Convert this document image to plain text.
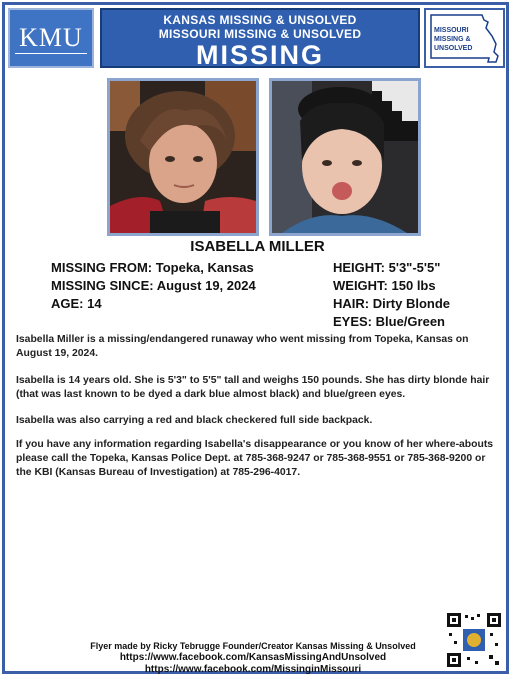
KMU
KANSAS MISSING & UNSOLVED
MISSOURI MISSING & UNSOLVED
MISSING
MISSOURI
MISSING &
UNSOLVED
ISABELLA MILLER
MISSING FROM: Topeka, Kansas
MISSING SINCE: August 19, 2024
AGE: 14
HEIGHT: 5'3"-5'5"
WEIGHT: 150 lbs
HAIR: Dirty Blonde
EYES: Blue/Green
Isabella Miller is a missing/endangered runaway who went missing from Topeka, Kansas on August 19, 2024.
Isabella is 14 years old. She is 5'3" to 5'5" tall and weighs 150 pounds. She has dirty blonde hair (that was last known to be dyed a dark blue almost black) and blue/green eyes.
Isabella was also carrying a red and black checkered full side backpack.
If you have any information regarding Isabella's disappearance or you know of her where-abouts please call the Topeka, Kansas Police Dept. at 785-368-9247 or 785-368-9551 or 785-368-9200 or the KBI (Kansas Bureau of Investigation) at 785-296-4017.
Flyer made by Ricky Tebrugge Founder/Creator Kansas Missing & Unsolved
https://www.facebook.com/KansasMissingAndUnsolved
https://www.facebook.com/MissinginMissouri
